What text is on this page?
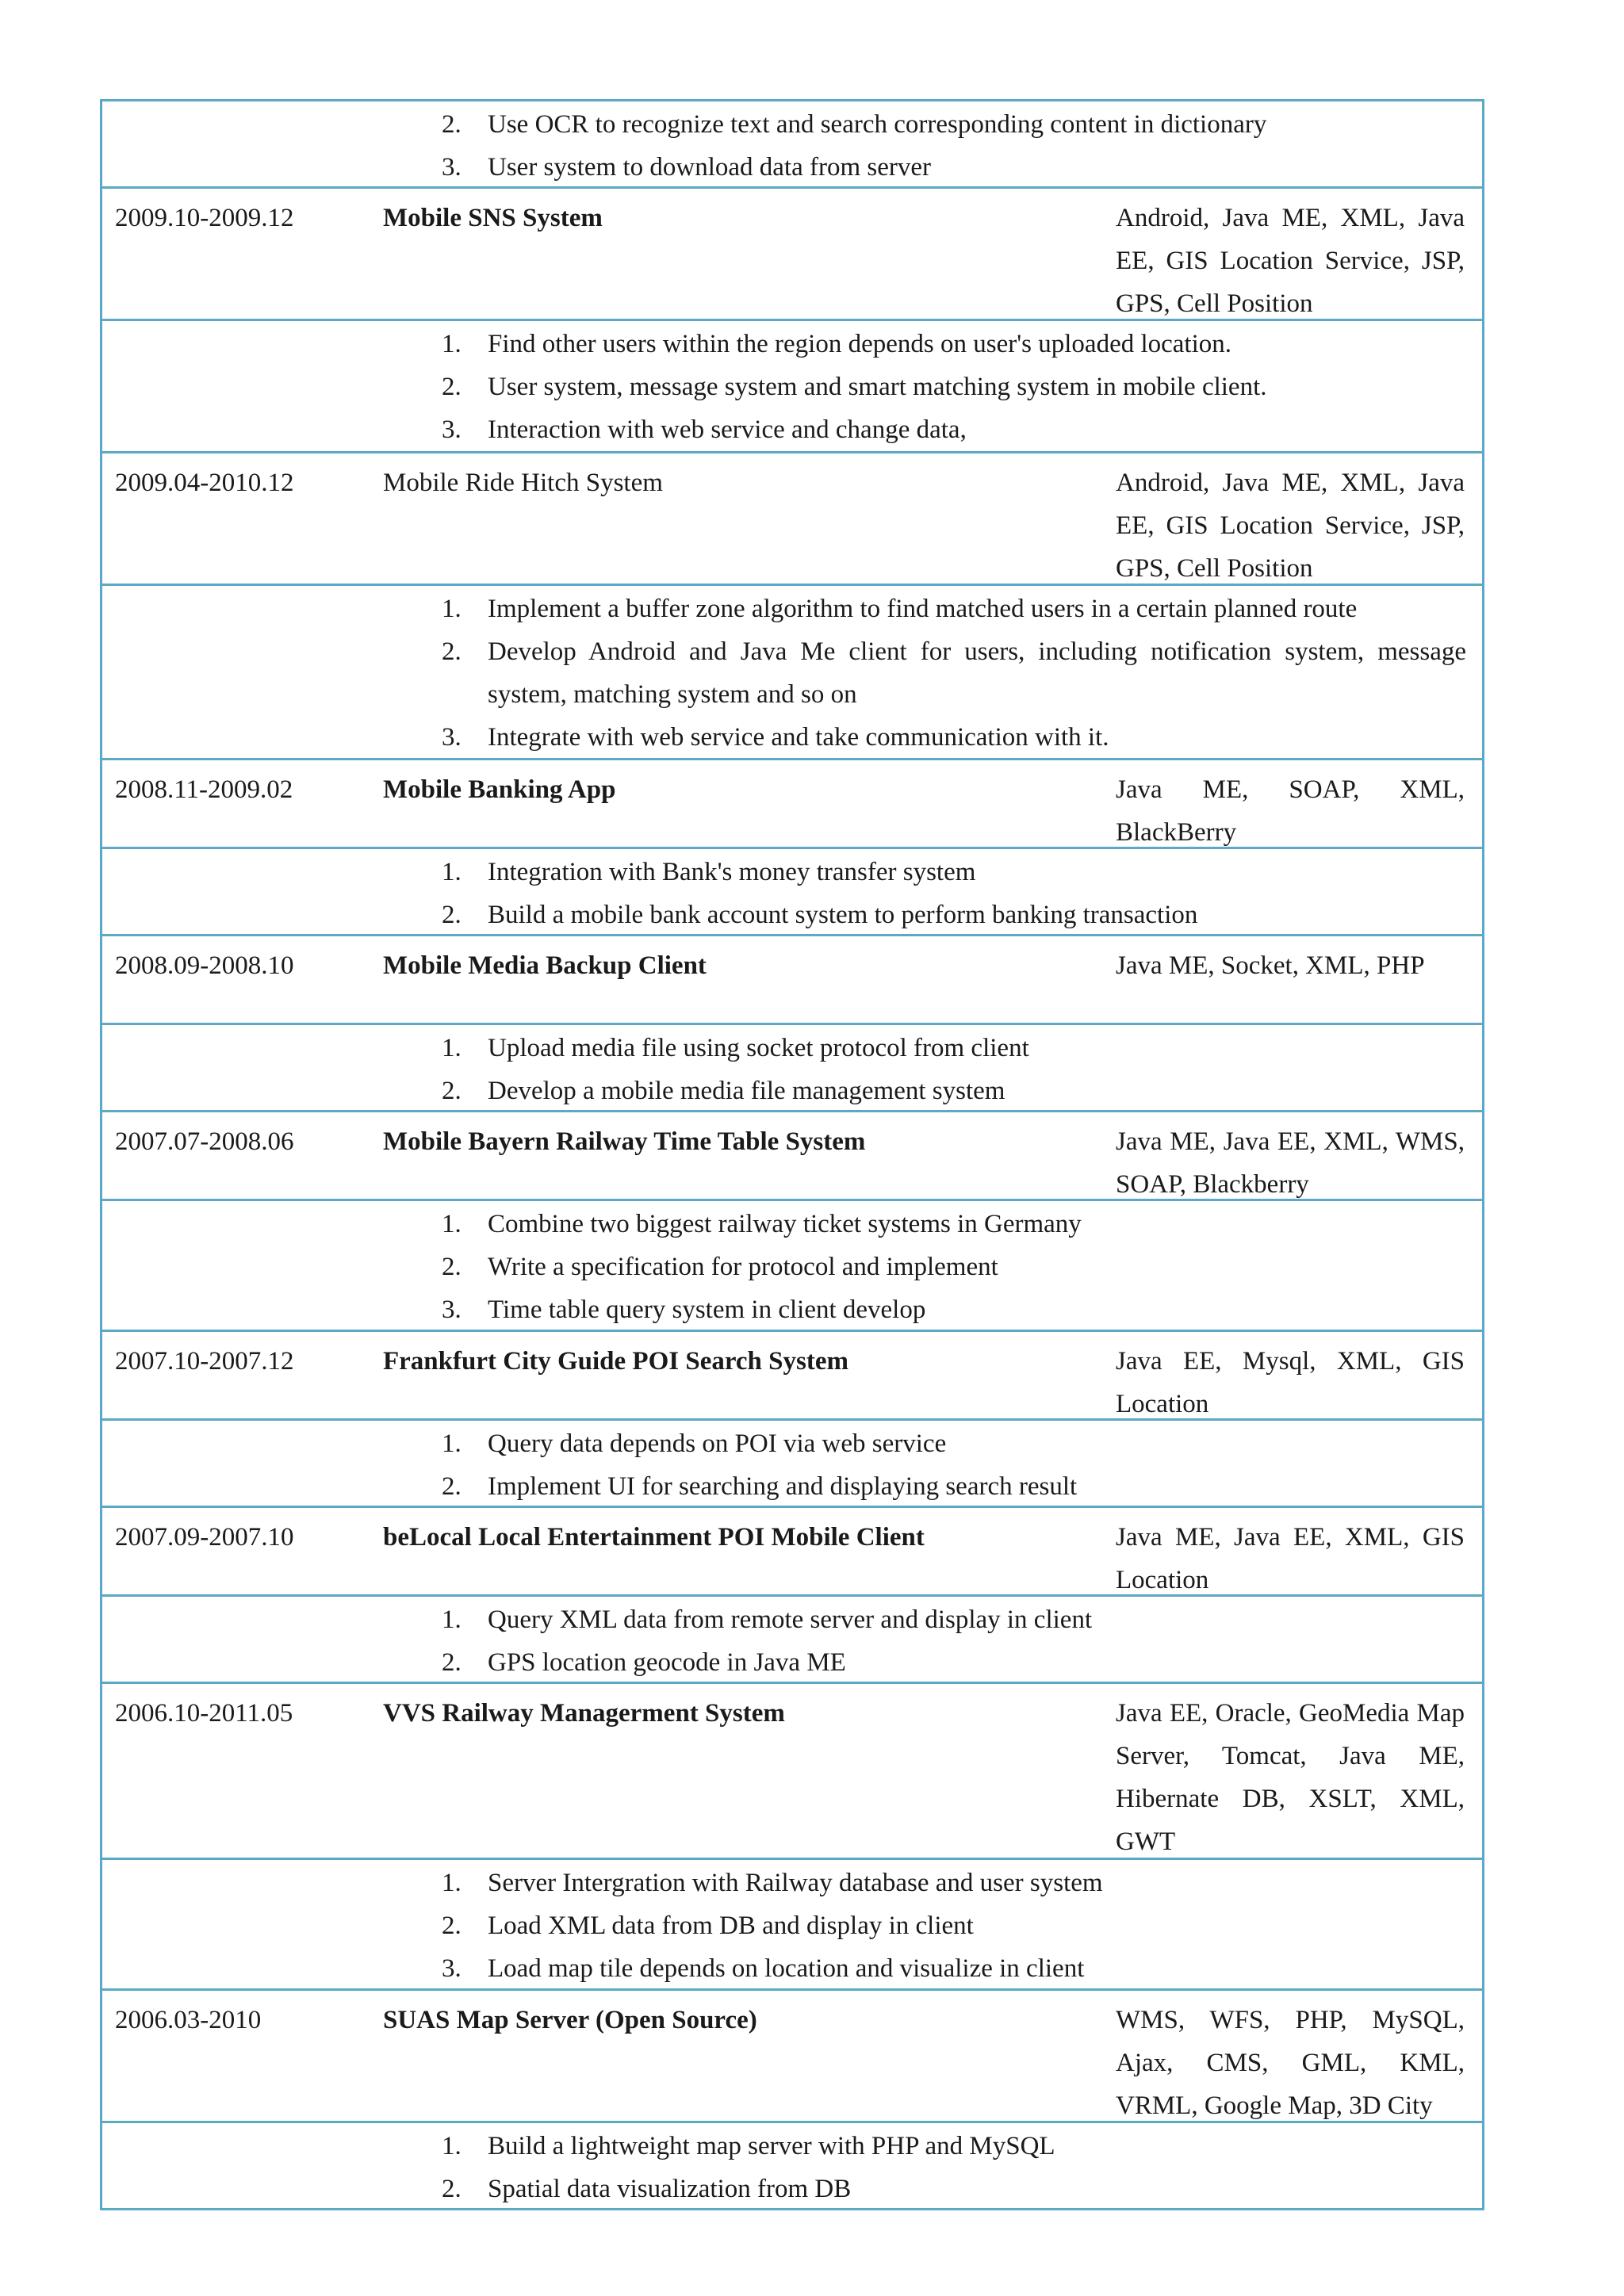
2. Use OCR to recognize text and search corresponding content in dictionary
3. User system to download data from server
2009.10-2009.12	Mobile SNS System	Android, Java ME, XML, Java EE, GIS Location Service, JSP, GPS, Cell Position
1. Find other users within the region depends on user's uploaded location.
2. User system, message system and smart matching system in mobile client.
3. Interaction with web service and change data,
2009.04-2010.12	Mobile Ride Hitch System	Android, Java ME, XML, Java EE, GIS Location Service, JSP, GPS, Cell Position
1. Implement a buffer zone algorithm to find matched users in a certain planned route
2. Develop Android and Java Me client for users, including notification system, message system, matching system and so on
3. Integrate with web service and take communication with it.
2008.11-2009.02	Mobile Banking App	Java ME, SOAP, XML, BlackBerry
1. Integration with Bank's money transfer system
2. Build a mobile bank account system to perform banking transaction
2008.09-2008.10	Mobile Media Backup Client	Java ME, Socket, XML, PHP
1. Upload media file using socket protocol from client
2. Develop a mobile media file management system
2007.07-2008.06	Mobile Bayern Railway Time Table System	Java ME, Java EE, XML, WMS, SOAP, Blackberry
1. Combine two biggest railway ticket systems in Germany
2. Write a specification for protocol and implement
3. Time table query system in client develop
2007.10-2007.12	Frankfurt City Guide POI Search System	Java EE, Mysql, XML, GIS Location
1. Query data depends on POI via web service
2. Implement UI for searching and displaying search result
2007.09-2007.10	beLocal Local Entertainment POI Mobile Client	Java ME, Java EE, XML, GIS Location
1. Query XML data from remote server and display in client
2. GPS location geocode in Java ME
2006.10-2011.05	VVS Railway Managerment System	Java EE, Oracle, GeoMedia Map Server, Tomcat, Java ME, Hibernate DB, XSLT, XML, GWT
1. Server Intergration with Railway database and user system
2. Load XML data from DB and display in client
3. Load map tile depends on location and visualize in client
2006.03-2010	SUAS Map Server (Open Source)	WMS, WFS, PHP, MySQL, Ajax, CMS, GML, KML, VRML, Google Map, 3D City
1. Build a lightweight map server with PHP and MySQL
2. Spatial data visualization from DB
